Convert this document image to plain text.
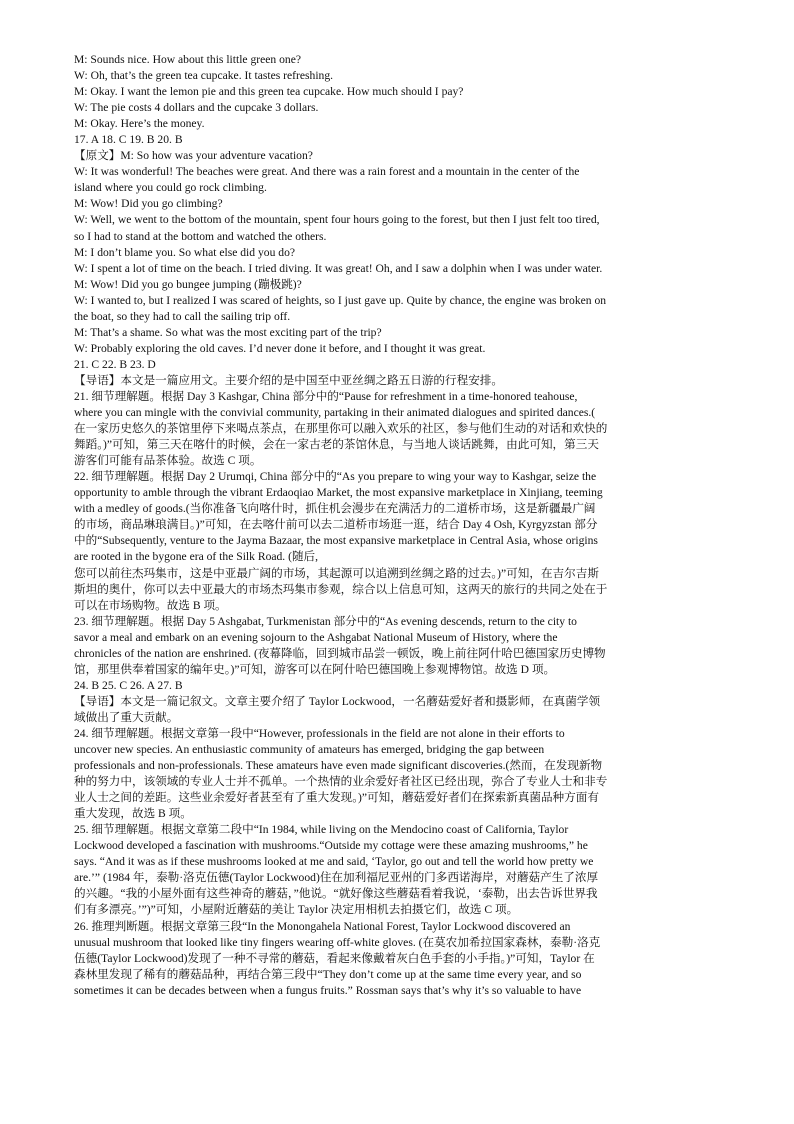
M: Sounds nice. How about this little green one?
W: Oh, that’s the green tea cupcake. It tastes refreshing.
M: Okay. I want the lemon pie and this green tea cupcake. How much should I pay?
W: The pie costs 4 dollars and the cupcake 3 dollars.
M: Okay. Here’s the money.
17. A 18. C 19. B 20. B
【原文】M: So how was your adventure vacation?
W: It was wonderful! The beaches were great. And there was a rain forest and a mountain in the center of the
island where you could go rock climbing.
M: Wow! Did you go climbing?
W: Well, we went to the bottom of the mountain, spent four hours going to the forest, but then I just felt too tired,
so I had to stand at the bottom and watched the others.
M: I don’t blame you. So what else did you do?
W: I spent a lot of time on the beach. I tried diving. It was great! Oh, and I saw a dolphin when I was under water.
M: Wow! Did you go bungee jumping (蹦极跳)?
W: I wanted to, but I realized I was scared of heights, so I just gave up. Quite by chance, the engine was broken on
the boat, so they had to call the sailing trip off.
M: That’s a shame. So what was the most exciting part of the trip?
W: Probably exploring the old caves. I’d never done it before, and I thought it was great.
21. C 22. B 23. D
【导语】本文是一篇应用文。主要介绍的是中国至中亚丝绸之路五日游的行程安排。
21. 细节理解题。根据 Day 3 Kashgar, China 部分中的“Pause for refreshment in a time-honored teahouse,
where you can mingle with the convivial community, partaking in their animated dialogues and spirited dances.(
在一家历史悠久的茶馆里停下来喝点茶点，在那里你可以融入欢乐的社区，参与他们生动的对话和欢快的
舞蹈。)”可知，第三天在喀什的时候，会在一家古老的茶馆休息，与当地人谈话跳舞，由此可知，第三天
游客们可能有品茶体验。故选 C 项。
22. 细节理解题。根据 Day 2 Urumqi, China 部分中的“As you prepare to wing your way to Kashgar, seize the
opportunity to amble through the vibrant Erdaoqiao Market, the most expansive marketplace in Xinjiang, teeming
with a medley of goods.(当你准备飞向喀什时，抓住机会漫步在充满活力的二道桥市场，这是新疆最广阔
的市场，商品琳琅满目。)”可知，在去喀什前可以去二道桥市场逛一逛，结合 Day 4 Osh, Kyrgyzstan 部分
中的“Subsequently, venture to the Jayma Bazaar, the most expansive marketplace in Central Asia, whose origins
are rooted in the bygone era of the Silk Road. (随后,
您可以前往杰玛集市，这是中亚最广阔的市场，其起源可以追溯到丝绸之路的过去。)”可知，在吉尔吉斯
斯坦的奥什，你可以去中亚最大的市场杰玛集市参观，综合以上信息可知，这两天的旅行的共同之处在于
可以在市场购物。故选 B 项。
23. 细节理解题。根据 Day 5 Ashgabat, Turkmenistan 部分中的“As evening descends, return to the city to
savor a meal and embark on an evening sojourn to the Ashgabat National Museum of History, where the
chronicles of the nation are enshrined. (夜幕降临，回到城市品尝一顿饭，晚上前往阿什哈巴德国家历史博物
馆，那里供奉着国家的编年史。)”可知，游客可以在阿什哈巴德国晚上参观博物馆。故选 D 项。
24. B 25. C 26. A 27. B
【导语】本文是一篇记叙文。文章主要介绍了 Taylor Lockwood，一名蘑菇爱好者和摄影师，在真菌学领
域做出了重大贡献。
24. 细节理解题。根据文章第一段中“However, professionals in the field are not alone in their efforts to
uncover new species. An enthusiastic community of amateurs has emerged, bridging the gap between
professionals and non-professionals. These amateurs have even made significant discoveries.(然而，在发现新物
种的努力中，该领域的专业人士并不孤单。一个热情的业余爱好者社区已经出现，弥合了专业人士和非专
业人士之间的差距。这些业余爱好者甚至有了重大发现。)”可知，蘑菇爱好者们在探索新真菌品种方面有
重大发现，故选 B 项。
25. 细节理解题。根据文章第二段中“In 1984, while living on the Mendocino coast of California, Taylor
Lockwood developed a fascination with mushrooms.“Outside my cottage were these amazing mushrooms,” he
says. “And it was as if these mushrooms looked at me and said, ‘Taylor, go out and tell the world how pretty we
are.’” (1984 年，泰勒·洛克伍德(Taylor Lockwood)住在加利福尼亚州的门多西诺海岸，对蘑菇产生了浓厚
的兴趣。“我的小屋外面有这些神奇的蘑菇，”他说。“就好像这些蘑菇看着我说，‘泰勒，出去告诉世界我
们有多漂亮。’”)”可知，小屋附近蘑菇的美让 Taylor 决定用相机去拍摄它们，故选 C 项。
26. 推理判断题。根据文章第三段“In the Monongahela National Forest, Taylor Lockwood discovered an
unusual mushroom that looked like tiny fingers wearing off-white gloves. (在莫农加希拉国家森林，泰勒·洛克
伍德(Taylor Lockwood)发现了一种不寻常的蘑菇，看起来像戴着灰白色手套的小手指。)”可知，Taylor 在
森林里发现了稀有的蘑菇品种，再结合第三段中“They don’t come up at the same time every year, and so
sometimes it can be decades between when a fungus fruits.” Rossman says that’s why it’s so valuable to have
